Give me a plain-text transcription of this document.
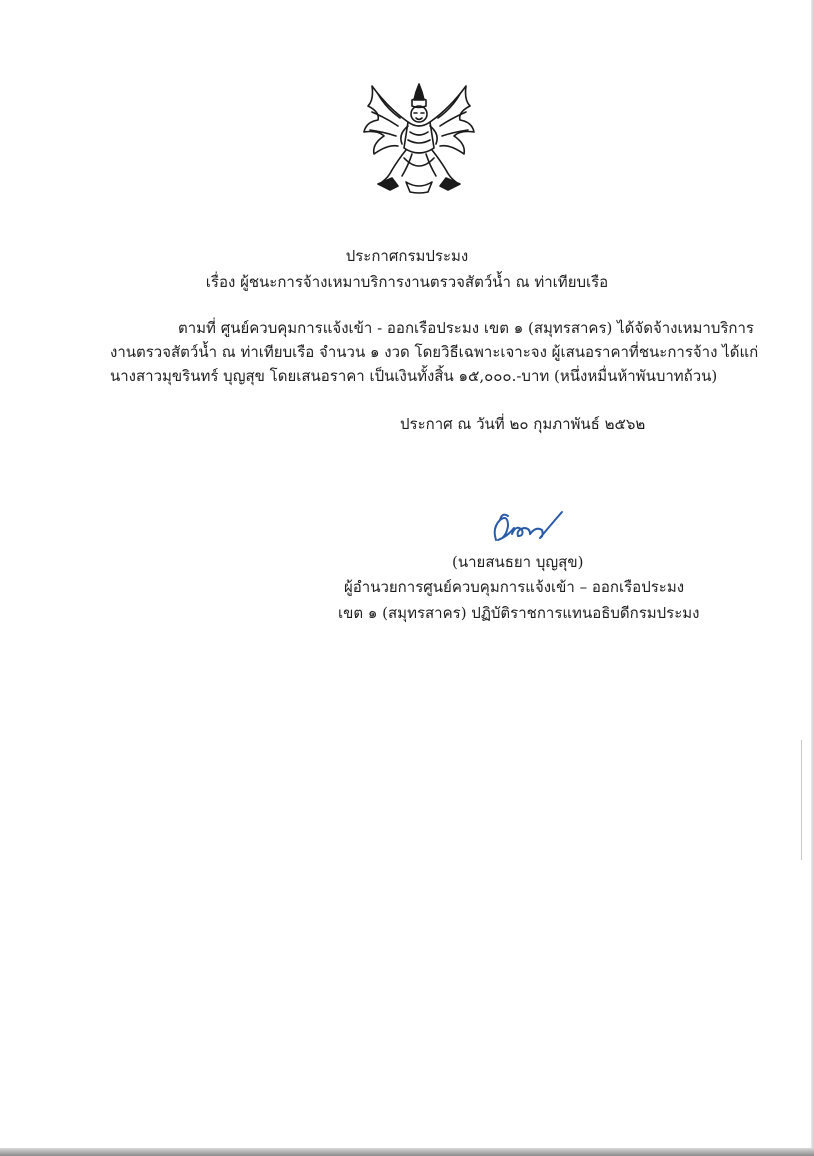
ประกาศกรมประมง
เรื่อง ผู้ชนะการจ้างเหมาบริการงานตรวจสัตว์น้ำ ณ ท่าเทียบเรือ
ตามที่ ศูนย์ควบคุมการแจ้งเข้า - ออกเรือประมง เขต ๑ (สมุทรสาคร) ได้จัดจ้างเหมาบริการ
งานตรวจสัตว์น้ำ ณ ท่าเทียบเรือ จำนวน ๑ งวด โดยวิธีเฉพาะเจาะจง ผู้เสนอราคาที่ชนะการจ้าง ได้แก่
นางสาวมุขรินทร์ บุญสุข โดยเสนอราคา เป็นเงินทั้งสิ้น ๑๕,๐๐๐.-บาท (หนึ่งหมื่นห้าพันบาทถ้วน)
ประกาศ ณ วันที่ ๒๐ กุมภาพันธ์ ๒๕๖๒
(นายสนธยา บุญสุข)
ผู้อำนวยการศูนย์ควบคุมการแจ้งเข้า – ออกเรือประมง
เขต ๑ (สมุทรสาคร) ปฏิบัติราชการแทนอธิบดีกรมประมง
